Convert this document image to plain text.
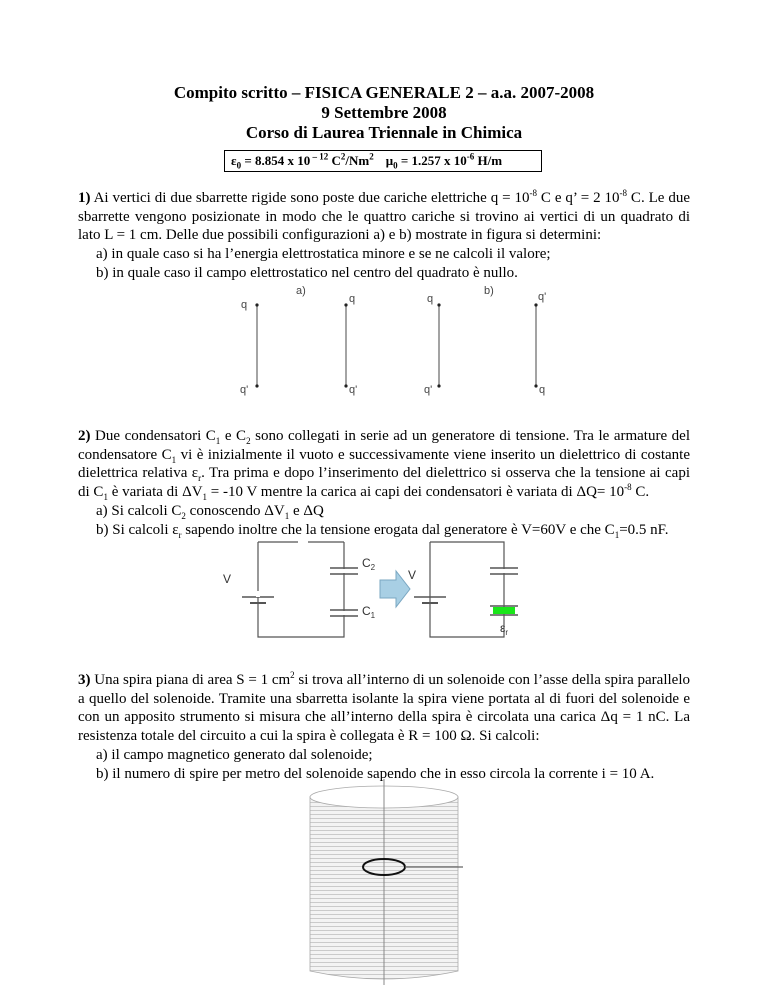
Compito scritto – FISICA GENERALE 2 – a.a. 2007-2008
9 Settembre 2008
Corso di Laurea Triennale in Chimica
$\varepsilon_0 = 8.854$ x 10 $^{- 12}$ $C^2/Nm^2$ $\mu_0 = 1.257$ x $10^{-6}$ H/m
1) Ai vertici di due sbarrette rigide sono poste due cariche elettriche $q = 10^{-8}$ C e q’ = 2 $10^{-8}$ C. Le due sbarrette vengono posizionate in modo che le quattro cariche si trovino ai vertici di un quadrato di lato L = 1 cm. Delle due possibili configurazioni a) e b) mostrate in figura si determini:
a) in quale caso si ha l’energia elettrostatica minore e se ne calcoli il valore;
b) in quale caso il campo elettrostatico nel centro del quadrato è nullo.
a)	b)
q
q'
q
q'
q
q'
q'
q
2) Due condensatori $C_1$ e $C_2$ sono collegati in serie ad un generatore di tensione. Tra le armature del condensatore $C_1$ vi è inizialmente il vuoto e successivamente viene inserito un dielettrico di costante dielettrica relativa $\varepsilon_r$. Tra prima e dopo l’inserimento del dielettrico si osserva che la tensione ai capi di $C_1$ è variata di $\Delta V_1 = -10$ V mentre la carica ai capi dei condensatori è variata di $\Delta Q= 10^{-8}$ C.
a) Si calcoli $C_2$ conoscendo $\Delta V_1$ e ΔQ
b) Si calcoli $\varepsilon_r$ sapendo inoltre che la tensione erogata dal generatore è V=60V e che $C_1=0.5$ nF.
V
$C_2$
$C_1$
V
$\varepsilon_r$
3) Una spira piana di area S = 1 $cm^2$ si trova all’interno di un solenoide con l’asse della spira parallelo a quello del solenoide. Tramite una sbarretta isolante la spira viene portata al di fuori del solenoide e con un apposito strumento si misura che all’interno della spira è circolata una carica Δq = 1 nC. La resistenza totale del circuito a cui la spira è collegata è R = 100 Ω. Si calcoli:
a) il campo magnetico generato dal solenoide;
b) il numero di spire per metro del solenoide sapendo che in esso circola la corrente i = 10 A.
